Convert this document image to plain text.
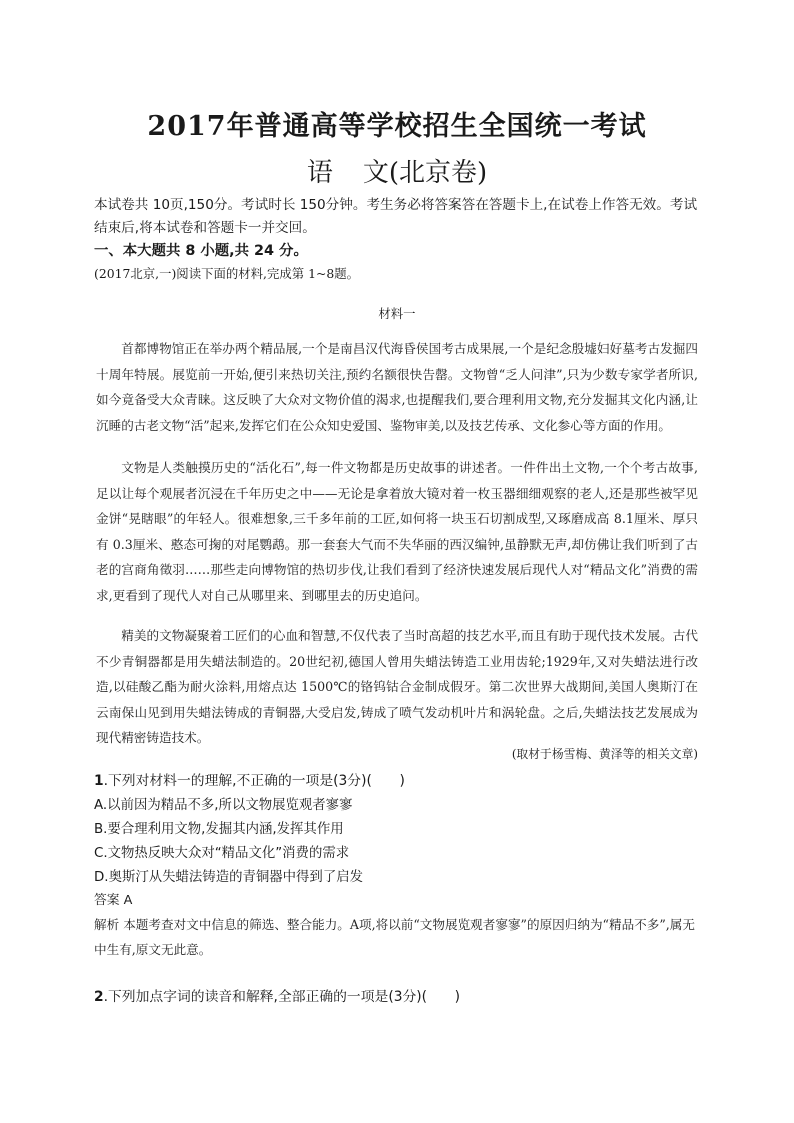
2017年普通高等学校招生全国统一考试
语 文(北京卷)
本试卷共 10页,150分。考试时长 150分钟。考生务必将答案答在答题卡上,在试卷上作答无效。考试结束后,将本试卷和答题卡一并交回。
一、本大题共 8 小题,共 24 分。
(2017北京,一)阅读下面的材料,完成第 1~8题。
材料一
首都博物馆正在举办两个精品展,一个是南昌汉代海昏侯国考古成果展,一个是纪念殷墟妇好墓考古发掘四十周年特展。展览前一开始,便引来热切关注,预约名额很快告罄。文物曾“乏人问津”,只为少数专家学者所识,如今竟备受大众青睐。这反映了大众对文物价值的渴求,也提醒我们,要合理利用文物,充分发掘其文化内涵,让沉睡的古老文物“活”起来,发挥它们在公众知史爱国、鉴物审美,以及技艺传承、文化参心等方面的作用。
文物是人类触摸历史的“活化石”,每一件文物都是历史故事的讲述者。一件件出土文物,一个个考古故事,足以让每个观展者沉浸在千年历史之中——无论是拿着放大镜对着一枚玉器细细观察的老人,还是那些被罕见金饼“晃瞎眼”的年轻人。很难想象,三千多年前的工匠,如何将一块玉石切割成型,又琢磨成高 8.1厘米、厚只有 0.3厘米、憨态可掬的对尾鹦鹉。那一套套大气而不失华丽的西汉编钟,虽静默无声,却仿佛让我们听到了古老的宫商角徵羽……那些走向博物馆的热切步伐,让我们看到了经济快速发展后现代人对“精品文化”消费的需求,更看到了现代人对自己从哪里来、到哪里去的历史追问。
精美的文物凝聚着工匠们的心血和智慧,不仅代表了当时高超的技艺水平,而且有助于现代技术发展。古代不少青铜器都是用失蜡法制造的。20世纪初,德国人曾用失蜡法铸造工业用齿轮;1929年,又对失蜡法进行改造,以硅酸乙酯为耐火涂料,用熔点达 1500℃的铬钨钴合金制成假牙。第二次世界大战期间,美国人奥斯汀在云南保山见到用失蜡法铸成的青铜器,大受启发,铸成了喷气发动机叶片和涡轮盘。之后,失蜡法技艺发展成为现代精密铸造技术。
(取材于杨雪梅、黄泽等的相关文章)
1.下列对材料一的理解,不正确的一项是(3分)(　　)
A.以前因为精品不多,所以文物展览观者寥寥
B.要合理利用文物,发掘其内涵,发挥其作用
C.文物热反映大众对“精品文化”消费的需求
D.奥斯汀从失蜡法铸造的青铜器中得到了启发
答案 A
解析 本题考查对文中信息的筛选、整合能力。A项,将以前“文物展览观者寥寥”的原因归纳为“精品不多”,属无中生有,原文无此意。
2.下列加点字词的读音和解释,全部正确的一项是(3分)(　　)
